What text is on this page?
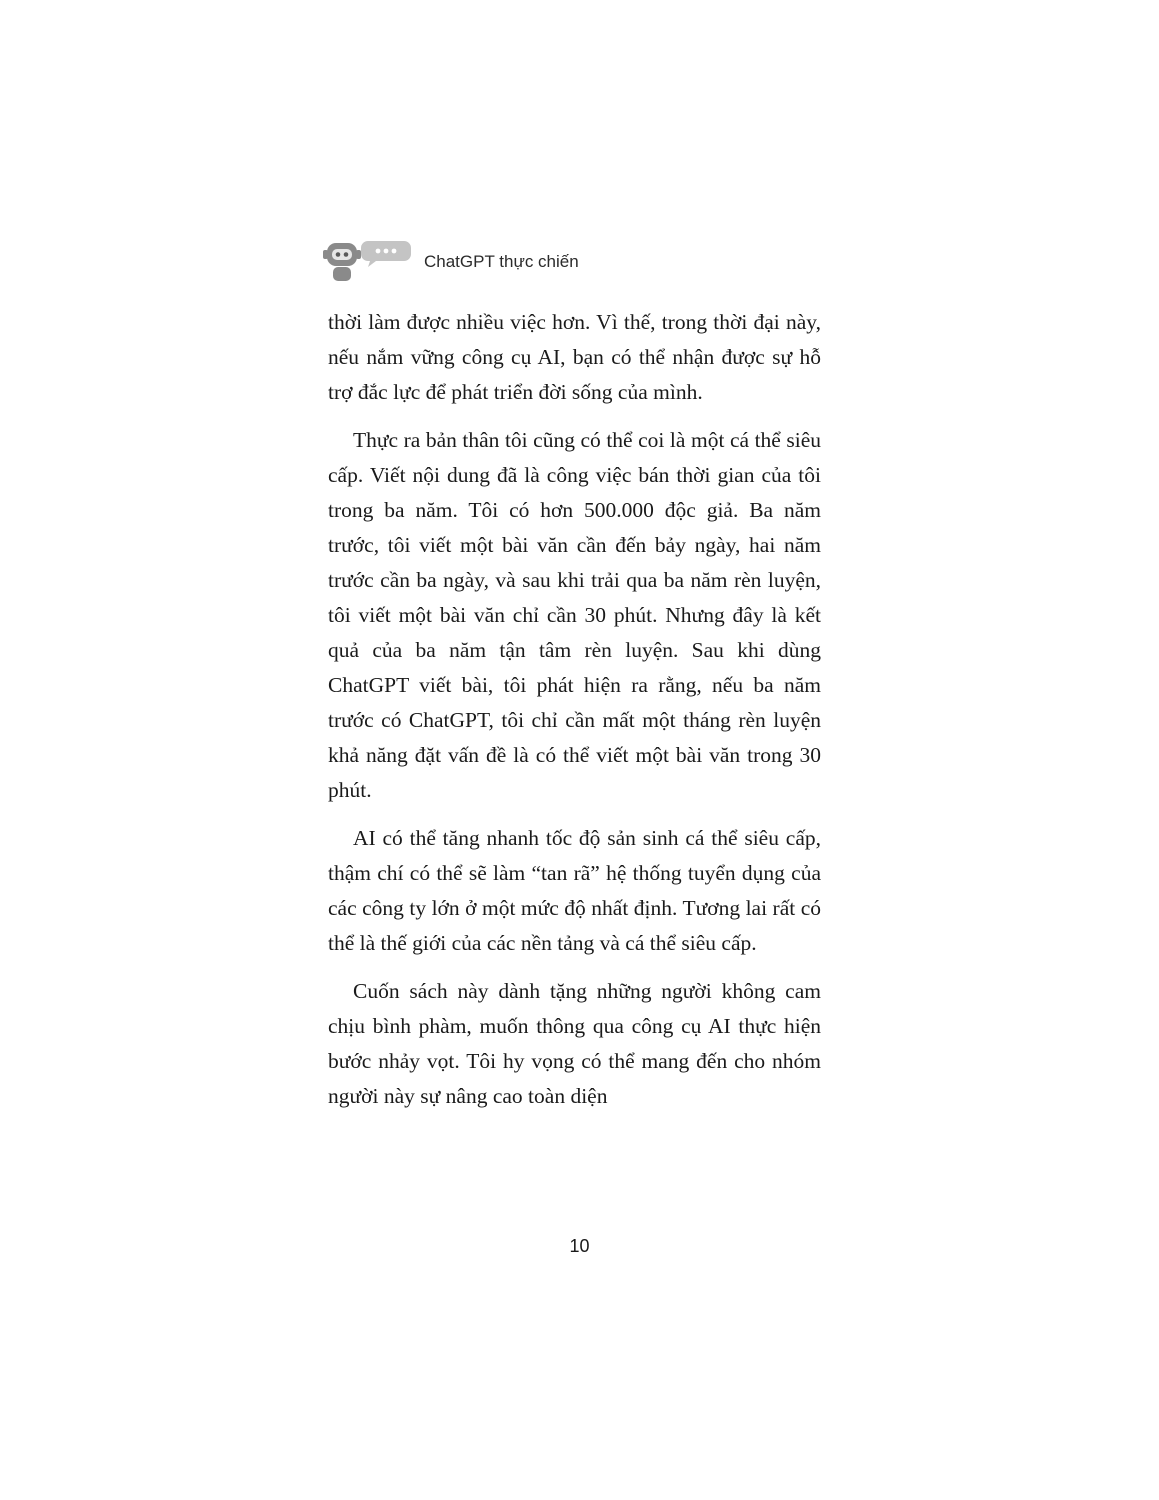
ChatGPT thực chiến

thời làm được nhiều việc hơn. Vì thế, trong thời đại này, nếu nắm vững công cụ AI, bạn có thể nhận được sự hỗ trợ đắc lực để phát triển đời sống của mình.

Thực ra bản thân tôi cũng có thể coi là một cá thể siêu cấp. Viết nội dung đã là công việc bán thời gian của tôi trong ba năm. Tôi có hơn 500.000 độc giả. Ba năm trước, tôi viết một bài văn cần đến bảy ngày, hai năm trước cần ba ngày, và sau khi trải qua ba năm rèn luyện, tôi viết một bài văn chỉ cần 30 phút. Nhưng đây là kết quả của ba năm tận tâm rèn luyện. Sau khi dùng ChatGPT viết bài, tôi phát hiện ra rằng, nếu ba năm trước có ChatGPT, tôi chỉ cần mất một tháng rèn luyện khả năng đặt vấn đề là có thể viết một bài văn trong 30 phút.

AI có thể tăng nhanh tốc độ sản sinh cá thể siêu cấp, thậm chí có thể sẽ làm “tan rã” hệ thống tuyển dụng của các công ty lớn ở một mức độ nhất định. Tương lai rất có thể là thế giới của các nền tảng và cá thể siêu cấp.

Cuốn sách này dành tặng những người không cam chịu bình phàm, muốn thông qua công cụ AI thực hiện bước nhảy vọt. Tôi hy vọng có thể mang đến cho nhóm người này sự nâng cao toàn diện

10
